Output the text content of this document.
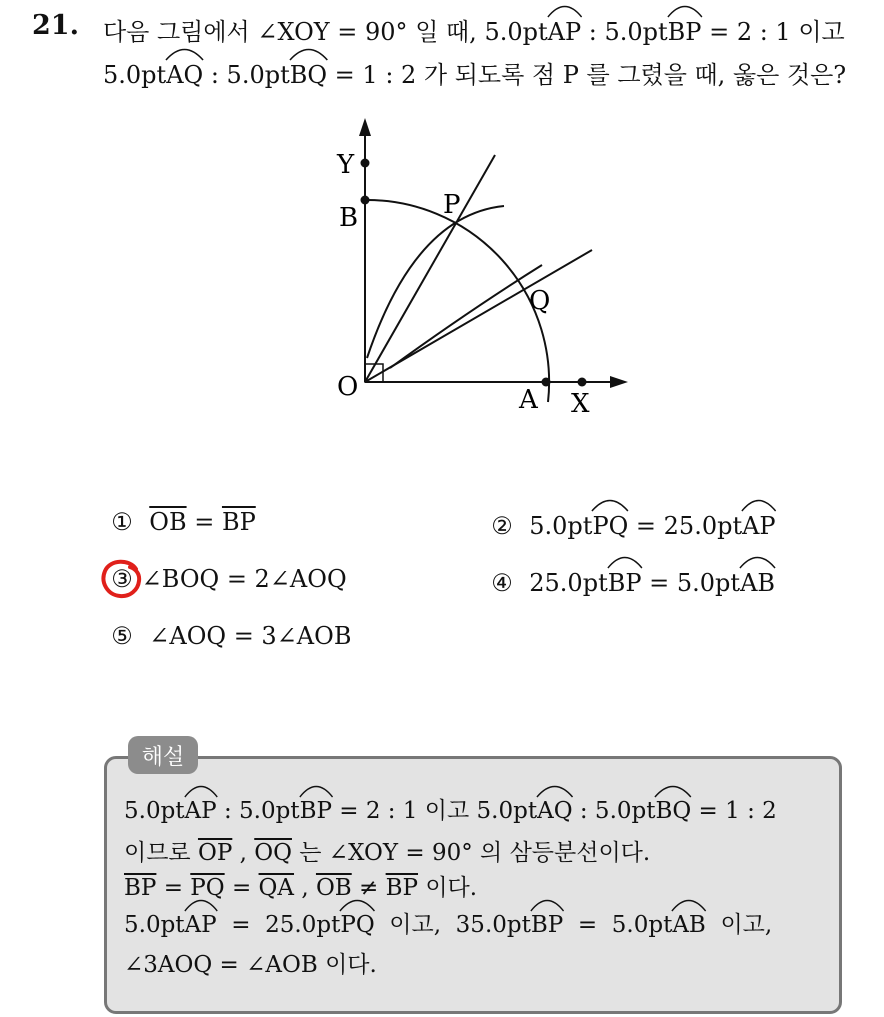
21. 다음 그림에서 ∠XOY = 90° 일 때, 5.0pt
AP : 5.0pt
BP = 2 : 1 이고
5.0pt
AQ : 5.0pt
BQ = 1 : 2 가 되도록 점 P 를 그렸을 때, 옳은 것은?
Y
B	P
Q
O	A X
① $\overline{OB} = \overline{BP}$	② 5.0pt
PQ = 25.0pt
AP
③ ∠BOQ = 2∠AOQ	④ 25.0pt
BP = 5.0pt
AB
⑤ ∠AOQ = 3∠AOB
해설
5.0pt
AP : 5.0pt
BP = 2 : 1 이고 5.0pt
AQ : 5.0pt
BQ = 1 : 2
이므로 $\overline{OP}$ , $\overline{OQ}$ 는 ∠XOY = 90° 의 삼등분선이다.
$\overline{BP} = \overline{PQ} = \overline{QA}$ , $\overline{OB} \ne \overline{BP}$ 이다.
5.0pt
AP  =  25.0pt
PQ  이고,  35.0pt
BP  =  5.0pt
AB  이고,
∠3AOQ = ∠AOB 이다.
